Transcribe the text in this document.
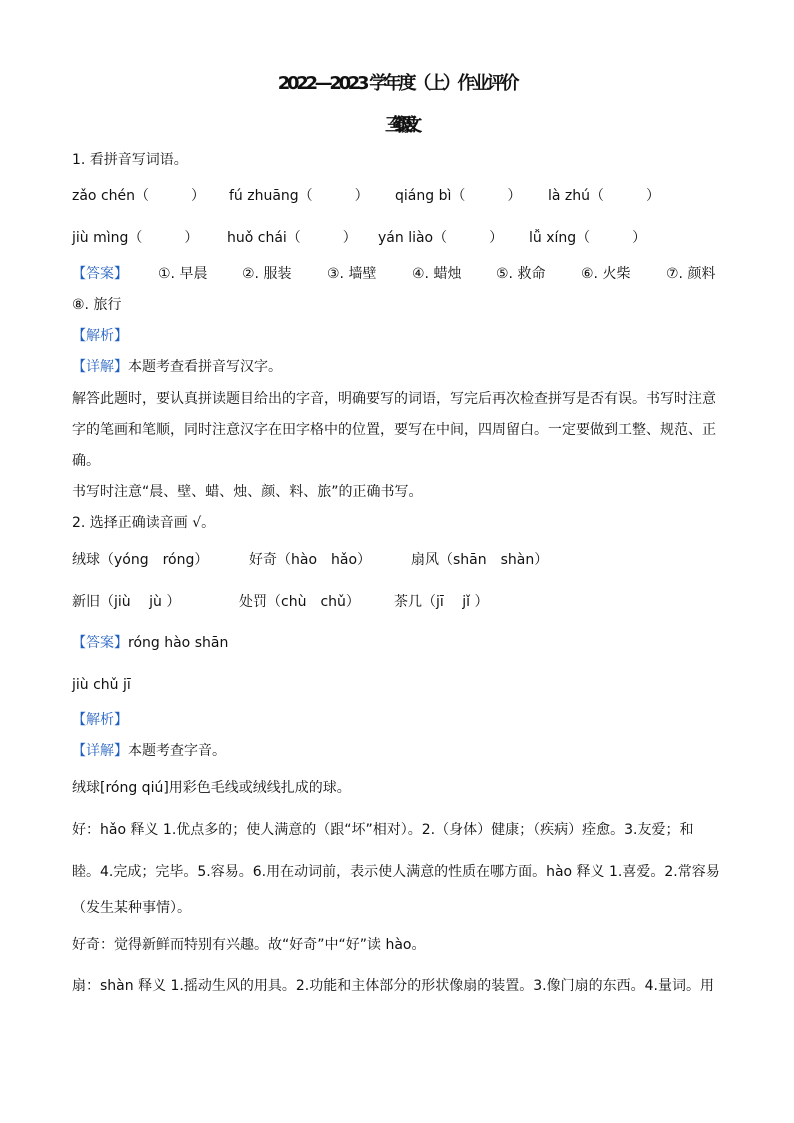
2022—2023 学年度（上）作业评价
三年级语文
1. 看拼音写词语。
zǎo chén（　　　） fú zhuāng（　　　） qiáng bì（　　　） là zhú（　　　）
jiù mìng（　　　） huǒ chái（　　　） yán liào（　　　） lǚ xíng（　　　）
【答案】 ①. 早晨 ②. 服装	③. 墙壁	④. 蜡烛 ⑤. 救命	⑥. 火柴	⑦. 颜料
⑧. 旅行
【解析】
【详解】本题考查看拼音写汉字。
解答此题时，要认真拼读题目给出的字音，明确要写的词语，写完后再次检查拼写是否有误。书写时注意
字的笔画和笔顺，同时注意汉字在田字格中的位置，要写在中间，四周留白。一定要做到工整、规范、正
确。
书写时注意“晨、壁、蜡、烛、颜、料、旅”的正确书写。
2. 选择正确读音画 √。
绒球（yóng　róng）	好奇（hào　hǎo）	扇风（shān　shàn）
新旧（jiù　 jù ）	处罚（chù　chǔ） 茶几（jī　 jǐ ）
【答案】róng hào shān
jiù chǔ jī
【解析】
【详解】本题考查字音。
绒球[róng qiú]用彩色毛线或绒线扎成的球。
好：hǎo 释义 1.优点多的；使人满意的（跟“坏”相对）。2.（身体）健康；（疾病）痊愈。3.友爱；和
睦。4.完成；完毕。5.容易。6.用在动词前，表示使人满意的性质在哪方面。hào 释义 1.喜爱。2.常容易
（发生某种事情）。
好奇：觉得新鲜而特别有兴趣。故“好奇”中“好”读 hào。
扇：shàn 释义 1.摇动生风的用具。2.功能和主体部分的形状像扇的装置。3.像门扇的东西。4.量词。用
